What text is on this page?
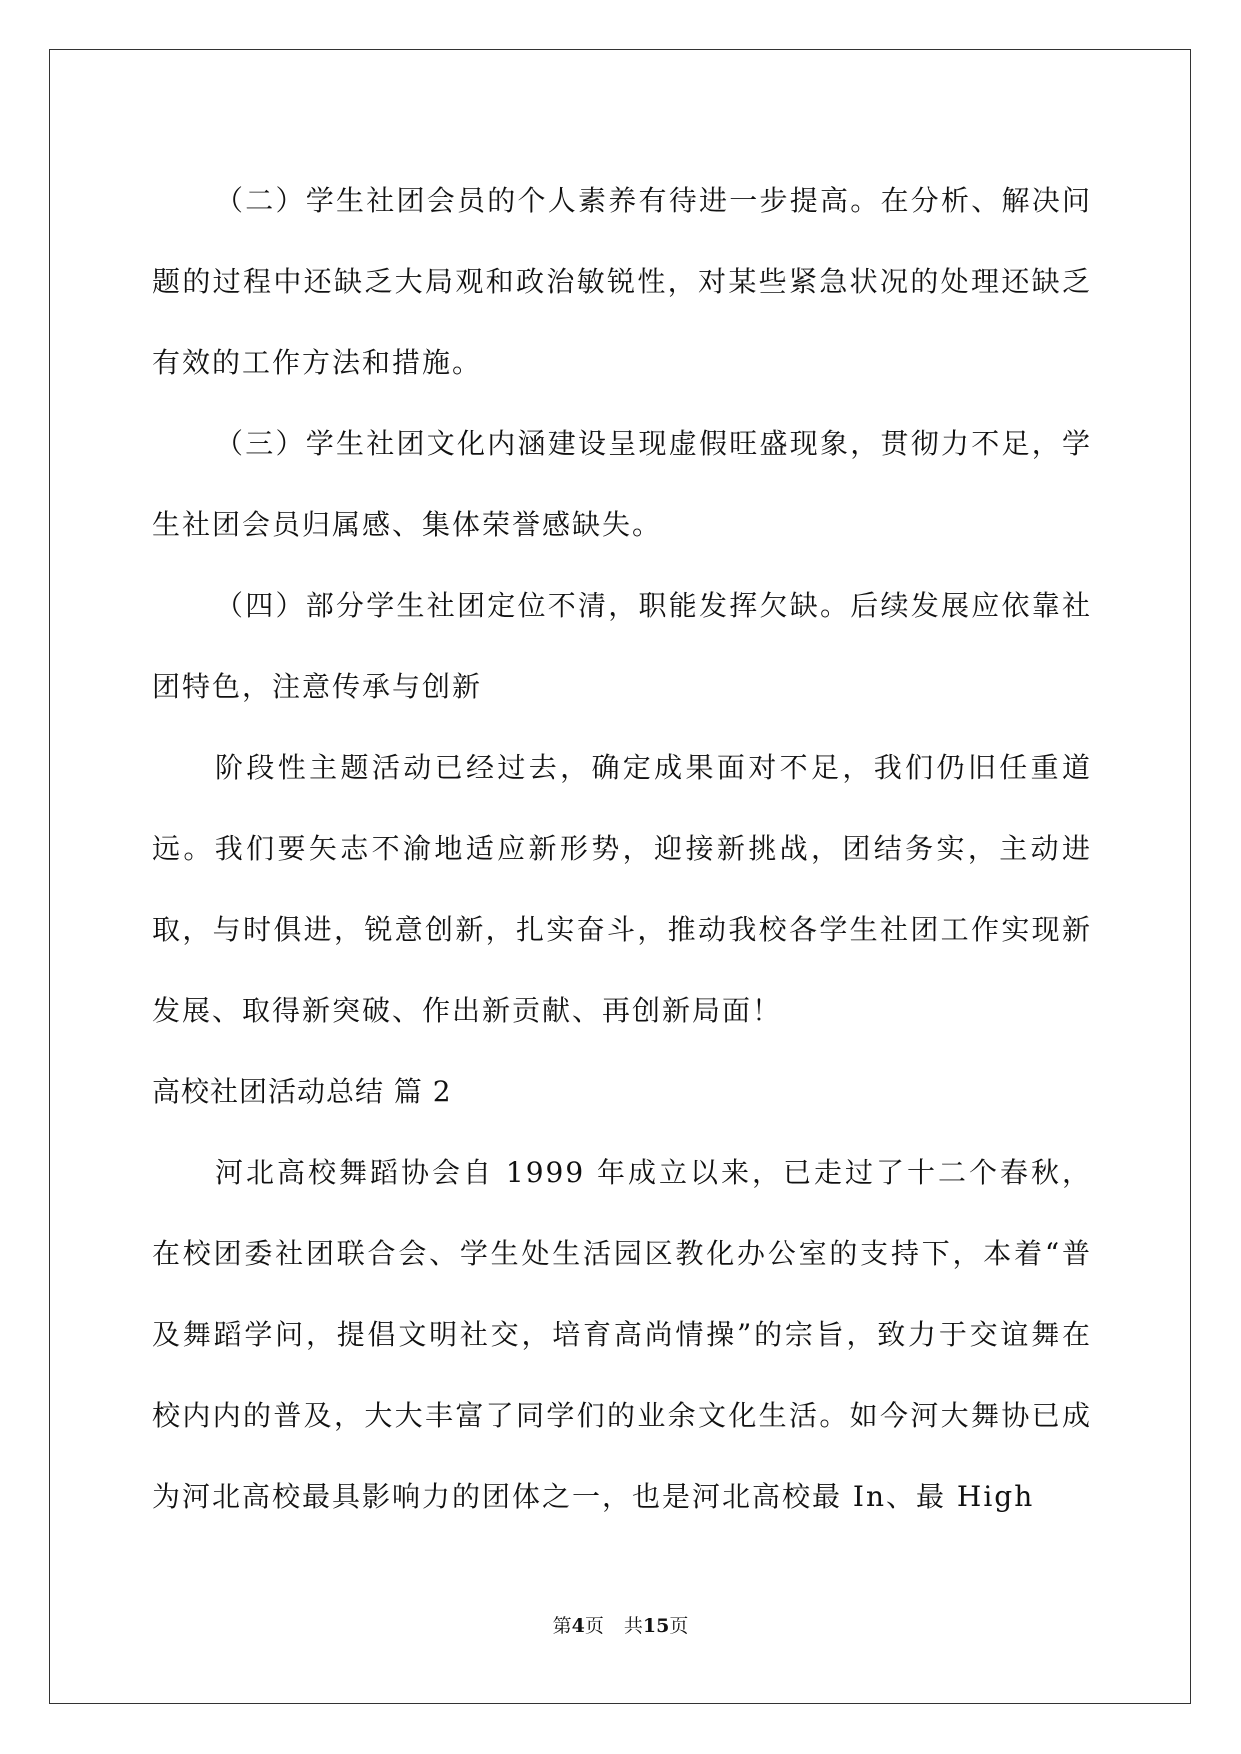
（二）学生社团会员的个人素养有待进一步提高。在分析、解决问题的过程中还缺乏大局观和政治敏锐性，对某些紧急状况的处理还缺乏有效的工作方法和措施。

（三）学生社团文化内涵建设呈现虚假旺盛现象，贯彻力不足，学生社团会员归属感、集体荣誉感缺失。

（四）部分学生社团定位不清，职能发挥欠缺。后续发展应依靠社团特色，注意传承与创新

阶段性主题活动已经过去，确定成果面对不足，我们仍旧任重道远。我们要矢志不渝地适应新形势，迎接新挑战，团结务实，主动进取，与时俱进，锐意创新，扎实奋斗，推动我校各学生社团工作实现新发展、取得新突破、作出新贡献、再创新局面！

高校社团活动总结 篇 2

河北高校舞蹈协会自 1999 年成立以来，已走过了十二个春秋，在校团委社团联合会、学生处生活园区教化办公室的支持下，本着“普及舞蹈学问，提倡文明社交，培育高尚情操”的宗旨，致力于交谊舞在校内内的普及，大大丰富了同学们的业余文化生活。如今河大舞协已成为河北高校最具影响力的团体之一，也是河北高校最 In、最 High

第4页 共15页
